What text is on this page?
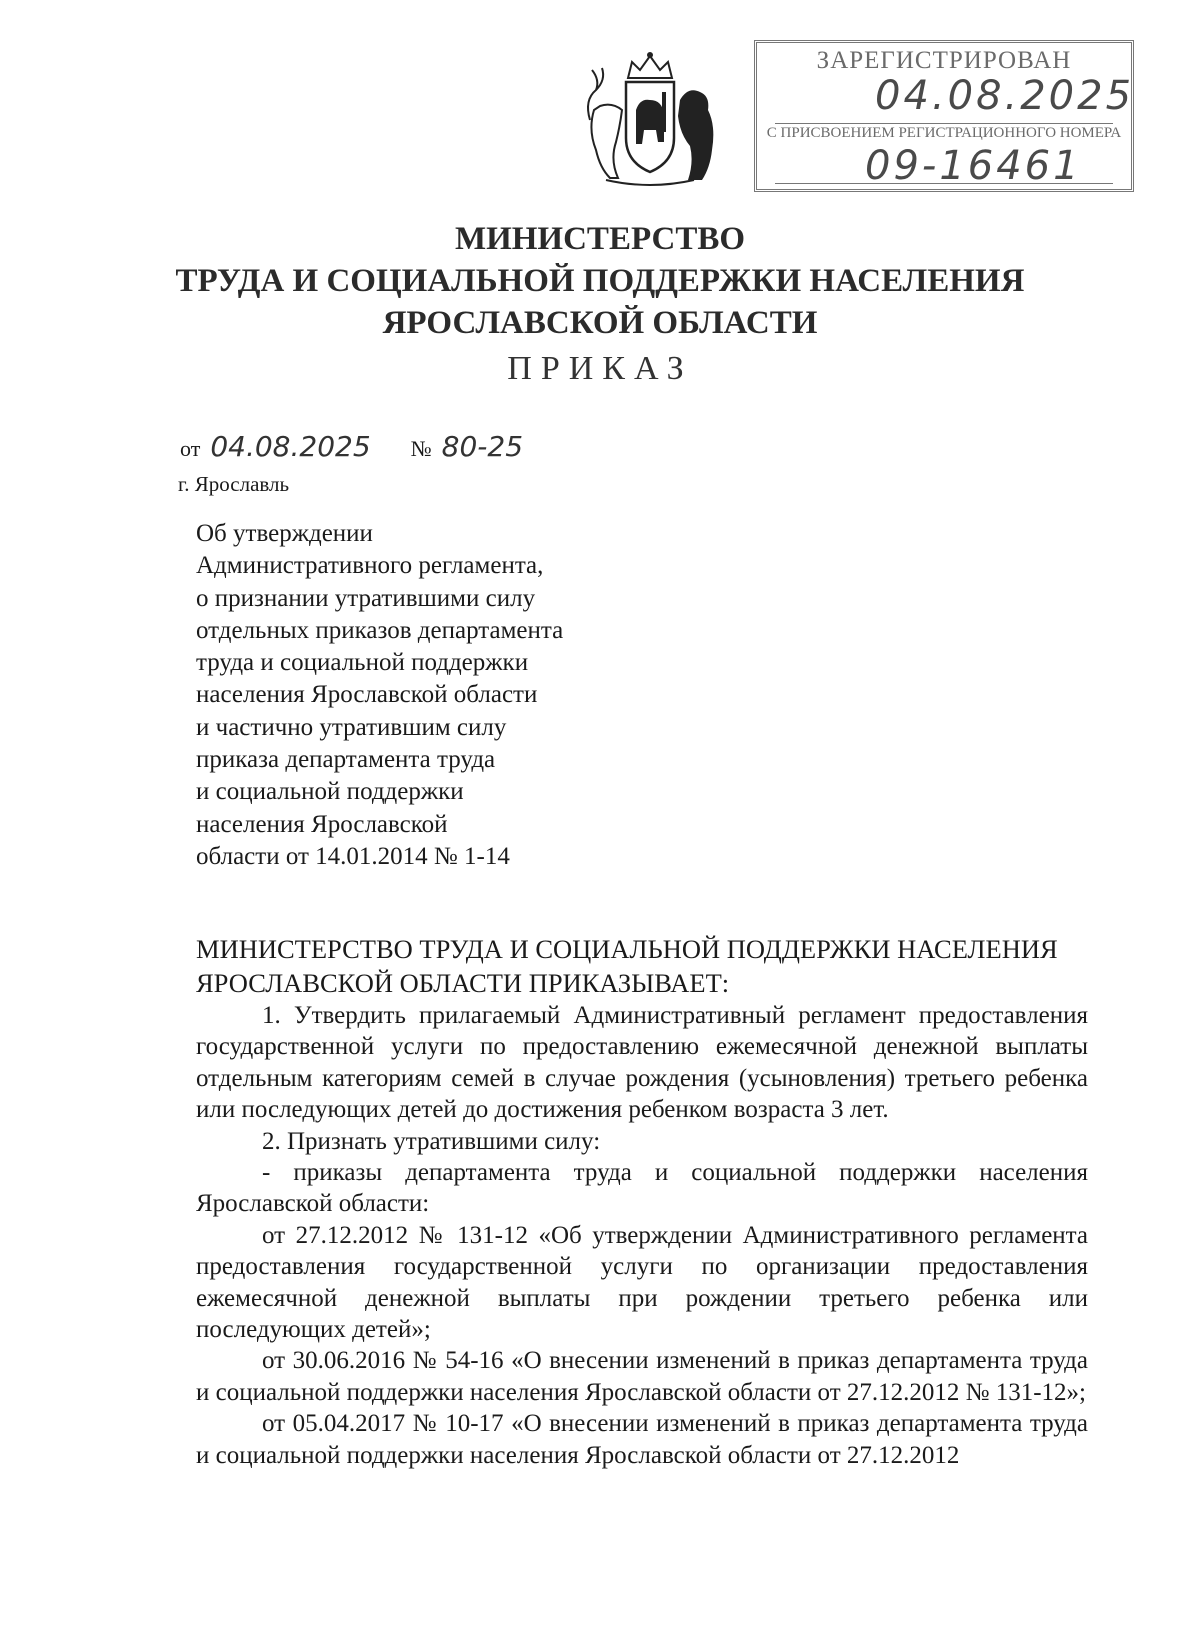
ЗАРЕГИСТРИРОВАН
04.08.2025
С ПРИСВОЕНИЕМ РЕГИСТРАЦИОННОГО НОМЕРА
09-16461
МИНИСТЕРСТВО
ТРУДА И СОЦИАЛЬНОЙ ПОДДЕРЖКИ НАСЕЛЕНИЯ
ЯРОСЛАВСКОЙ ОБЛАСТИ
ПРИКАЗ
от 04.08.2025 № 80-25
г. Ярославль
Об утверждении
Административного регламента,
о признании утратившими силу
отдельных приказов департамента
труда и социальной поддержки
населения Ярославской области
и частично утратившим силу
приказа департамента труда
и социальной поддержки
населения Ярославской
области от 14.01.2014 № 1-14
МИНИСТЕРСТВО ТРУДА И СОЦИАЛЬНОЙ ПОДДЕРЖКИ НАСЕЛЕНИЯ ЯРОСЛАВСКОЙ ОБЛАСТИ ПРИКАЗЫВАЕТ:

1. Утвердить прилагаемый Административный регламент предоставления государственной услуги по предоставлению ежемесячной денежной выплаты отдельным категориям семей в случае рождения (усыновления) третьего ребенка или последующих детей до достижения ребенком возраста 3 лет.

2. Признать утратившими силу:

- приказы департамента труда и социальной поддержки населения Ярославской области:

от 27.12.2012 № 131-12 «Об утверждении Административного регламента предоставления государственной услуги по организации предоставления ежемесячной денежной выплаты при рождении третьего ребенка или последующих детей»;

от 30.06.2016 № 54-16 «О внесении изменений в приказ департамента труда и социальной поддержки населения Ярославской области от 27.12.2012 № 131-12»;

от 05.04.2017 № 10-17 «О внесении изменений в приказ департамента труда и социальной поддержки населения Ярославской области от 27.12.2012
